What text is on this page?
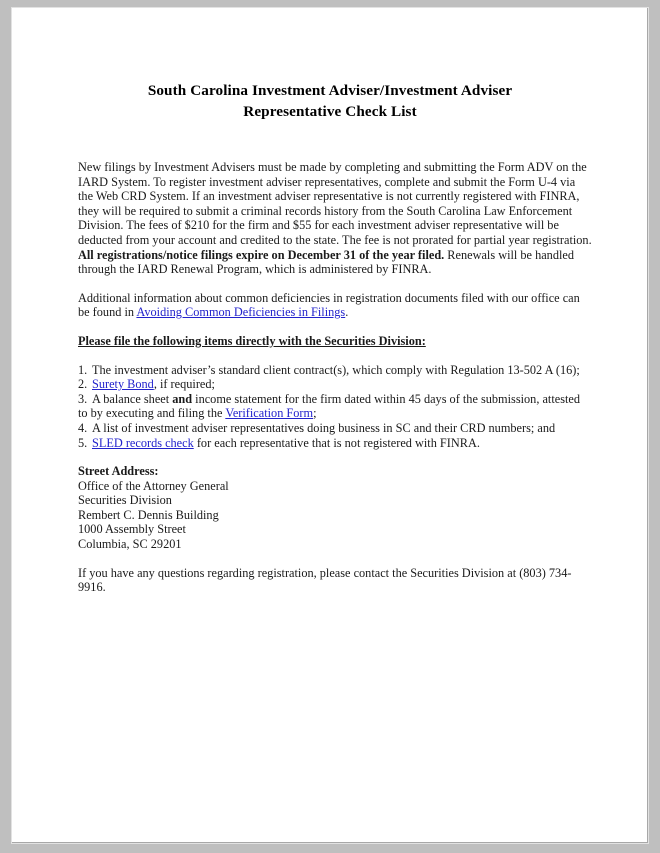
South Carolina Investment Adviser/Investment Adviser
Representative Check List

New filings by Investment Advisers must be made by completing and submitting the Form ADV on the IARD System. To register investment adviser representatives, complete and submit the Form U-4 via the Web CRD System. If an investment adviser representative is not currently registered with FINRA, they will be required to submit a criminal records history from the South Carolina Law Enforcement Division. The fees of $210 for the firm and $55 for each investment adviser representative will be deducted from your account and credited to the state. The fee is not prorated for partial year registration. All registrations/notice filings expire on December 31 of the year filed. Renewals will be handled through the IARD Renewal Program, which is administered by FINRA.

Additional information about common deficiencies in registration documents filed with our office can be found in Avoiding Common Deficiencies in Filings.

Please file the following items directly with the Securities Division:

1. The investment adviser’s standard client contract(s), which comply with Regulation 13-502 A (16);

2. Surety Bond, if required;

3. A balance sheet and income statement for the firm dated within 45 days of the submission, attested to by executing and filing the Verification Form;

4. A list of investment adviser representatives doing business in SC and their CRD numbers; and

5. SLED records check for each representative that is not registered with FINRA.

Street Address:

Office of the Attorney General

Securities Division

Rembert C. Dennis Building

1000 Assembly Street

Columbia, SC 29201

If you have any questions regarding registration, please contact the Securities Division at (803) 734-9916.
